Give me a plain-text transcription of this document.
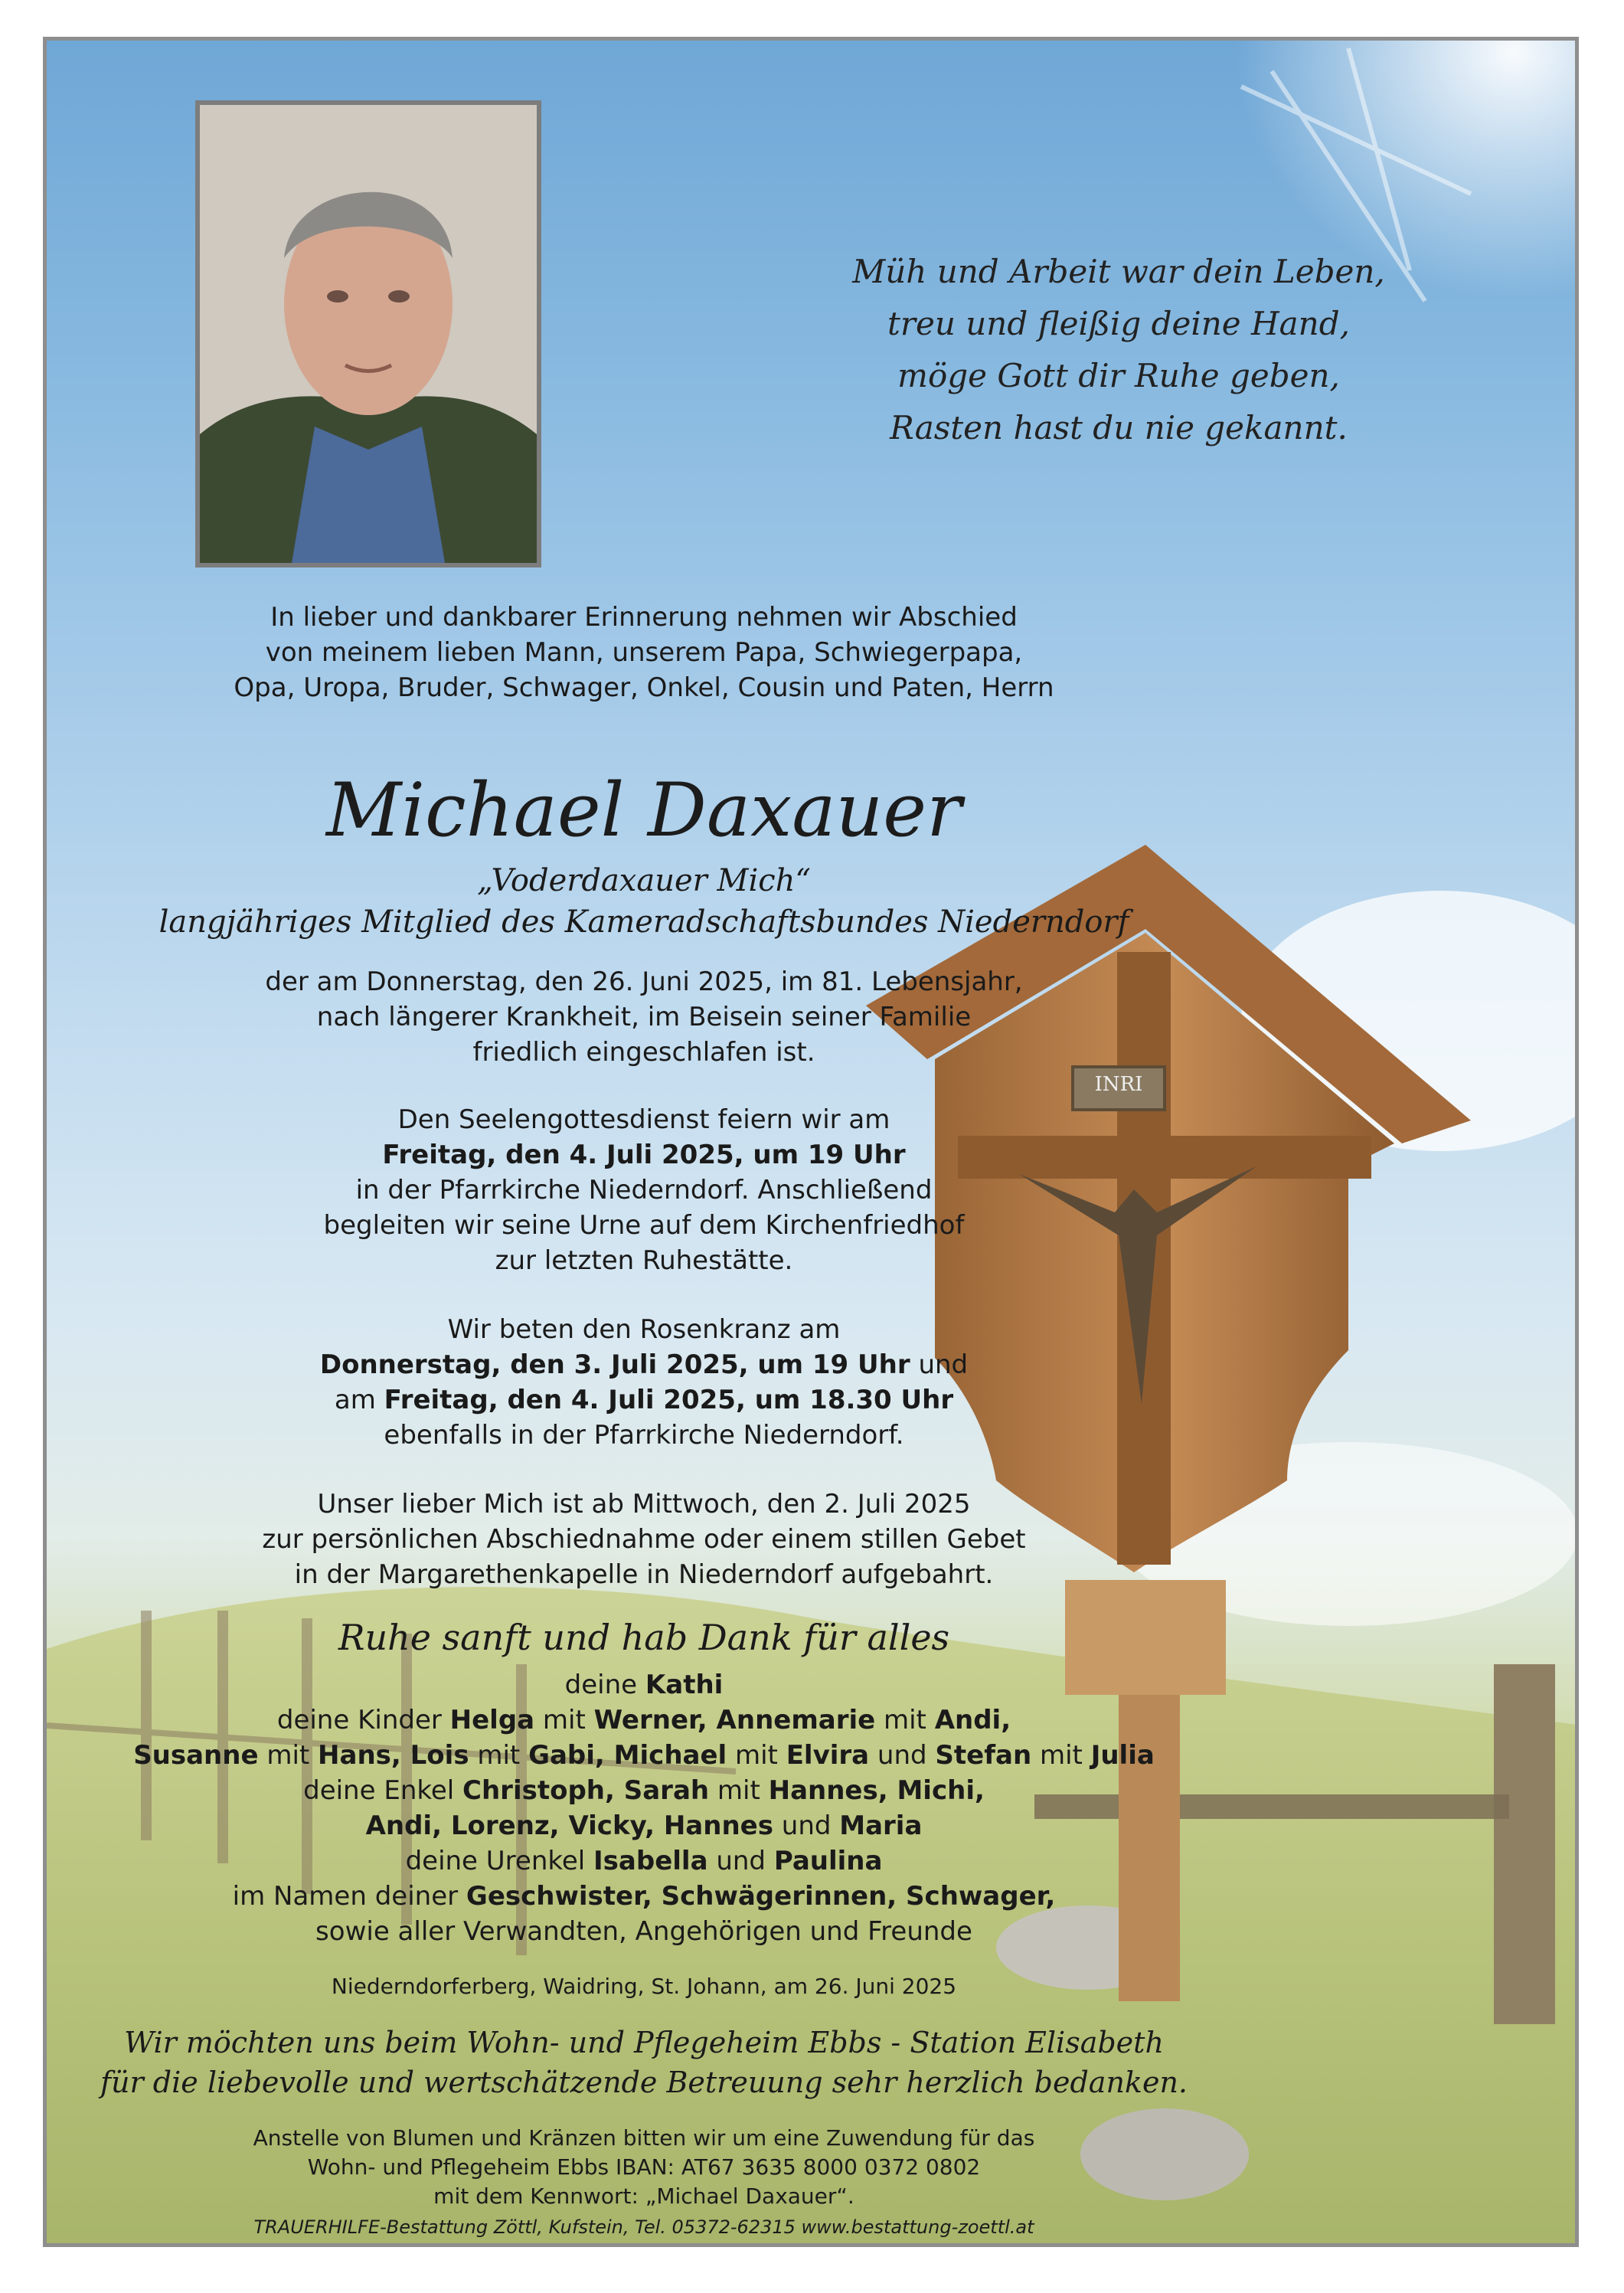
Müh und Arbeit war dein Leben,
treu und fleißig deine Hand,
möge Gott dir Ruhe geben,
Rasten hast du nie gekannt.
In lieber und dankbarer Erinnerung nehmen wir Abschied
von meinem lieben Mann, unserem Papa, Schwiegerpapa,
Opa, Uropa, Bruder, Schwager, Onkel, Cousin und Paten, Herrn
Michael Daxauer
„Voderdaxauer Mich“
langjähriges Mitglied des Kameradschaftsbundes Niederndorf
der am Donnerstag, den 26. Juni 2025, im 81. Lebensjahr,
nach längerer Krankheit, im Beisein seiner Familie
friedlich eingeschlafen ist.
Den Seelengottesdienst feiern wir am
Freitag, den 4. Juli 2025, um 19 Uhr
in der Pfarrkirche Niederndorf. Anschließend
begleiten wir seine Urne auf dem Kirchenfriedhof
zur letzten Ruhestätte.
Wir beten den Rosenkranz am
Donnerstag, den 3. Juli 2025, um 19 Uhr und
am Freitag, den 4. Juli 2025, um 18.30 Uhr
ebenfalls in der Pfarrkirche Niederndorf.
Unser lieber Mich ist ab Mittwoch, den 2. Juli 2025
zur persönlichen Abschiednahme oder einem stillen Gebet
in der Margarethenkapelle in Niederndorf aufgebahrt.
Ruhe sanft und hab Dank für alles
deine Kathi
deine Kinder Helga mit Werner, Annemarie mit Andi,
Susanne mit Hans, Lois mit Gabi, Michael mit Elvira und Stefan mit Julia
deine Enkel Christoph, Sarah mit Hannes, Michi,
Andi, Lorenz, Vicky, Hannes und Maria
deine Urenkel Isabella und Paulina
im Namen deiner Geschwister, Schwägerinnen, Schwager,
sowie aller Verwandten, Angehörigen und Freunde
Niederndorferberg, Waidring, St. Johann, am 26. Juni 2025
Wir möchten uns beim Wohn- und Pflegeheim Ebbs - Station Elisabeth
für die liebevolle und wertschätzende Betreuung sehr herzlich bedanken.
Anstelle von Blumen und Kränzen bitten wir um eine Zuwendung für das
Wohn- und Pflegeheim Ebbs IBAN: AT67 3635 8000 0372 0802
mit dem Kennwort: „Michael Daxauer“.
TRAUERHILFE-Bestattung Zöttl, Kufstein, Tel. 05372-62315 www.bestattung-zoettl.at
INRI
